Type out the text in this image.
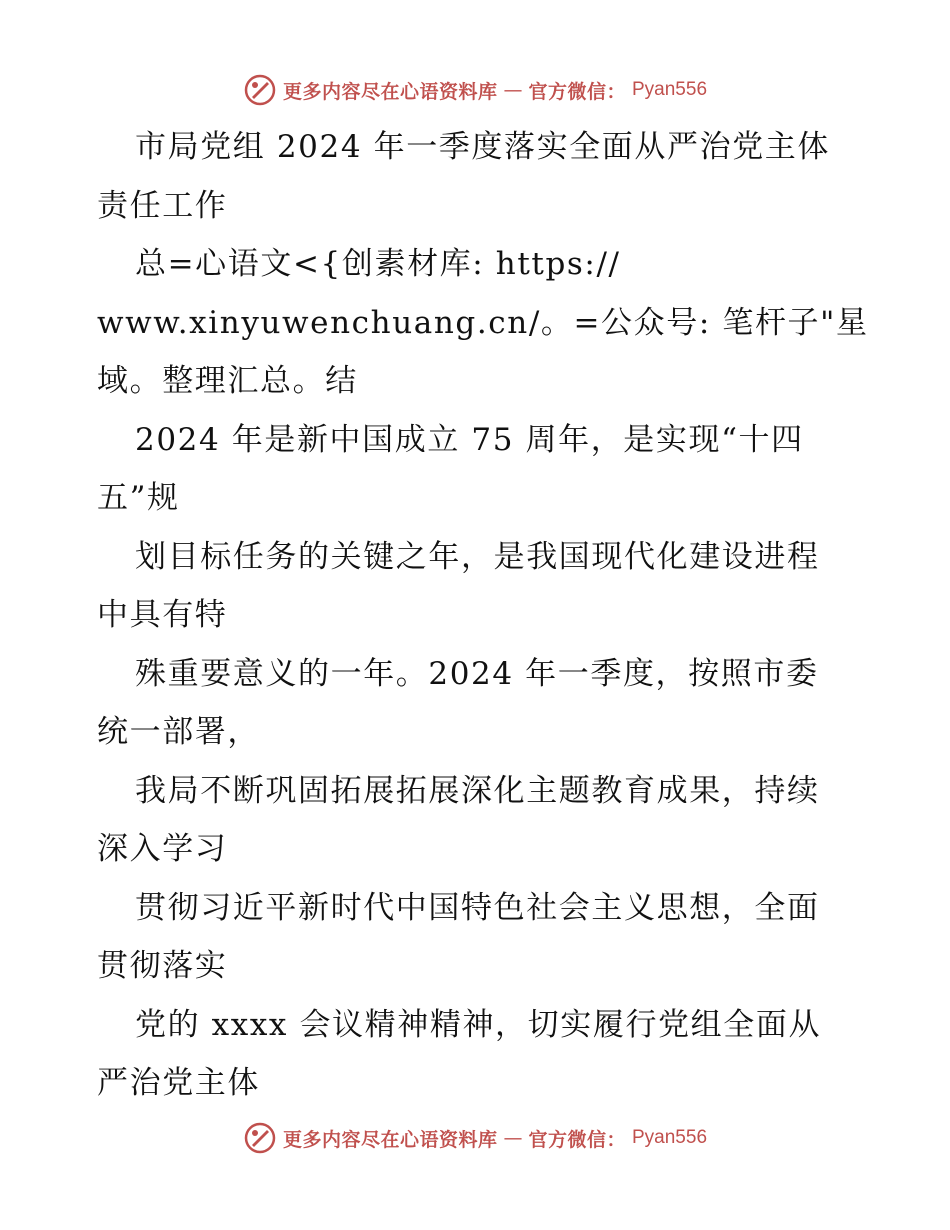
更多内容尽在心语资料库 — 官方微信： Pyan556
市局党组 2024 年一季度落实全面从严治党主体
责任工作
总=心语文<{创素材库: https://
www.xinyuwenchuang.cn/。=公众号: 笔杆子"星
域。整理汇总。结
2024 年是新中国成立 75 周年，是实现“十四
五”规
划目标任务的关键之年，是我国现代化建设进程
中具有特
殊重要意义的一年。2024 年一季度，按照市委
统一部署，
我局不断巩固拓展拓展深化主题教育成果，持续
深入学习
贯彻习近平新时代中国特色社会主义思想，全面
贯彻落实
党的 xxxx 会议精神精神，切实履行党组全面从
严治党主体
更多内容尽在心语资料库 — 官方微信： Pyan556
